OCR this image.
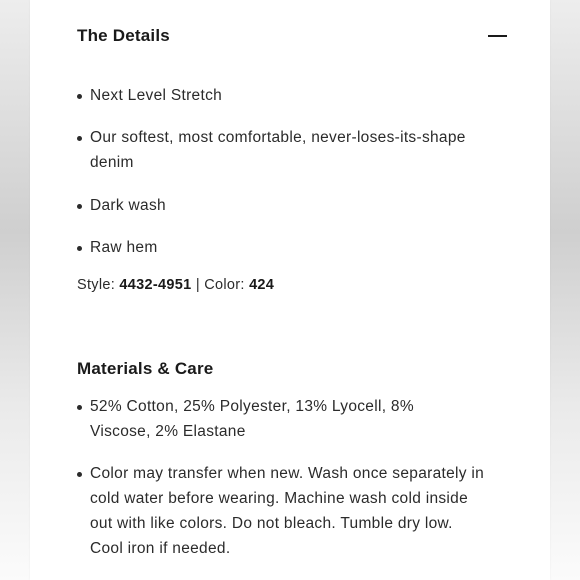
The Details
Next Level Stretch
Our softest, most comfortable, never-loses-its-shape denim
Dark wash
Raw hem
Style: 4432-4951 | Color: 424
Materials & Care
52% Cotton, 25% Polyester, 13% Lyocell, 8% Viscose, 2% Elastane
Color may transfer when new. Wash once separately in cold water before wearing. Machine wash cold inside out with like colors. Do not bleach. Tumble dry low. Cool iron if needed.
